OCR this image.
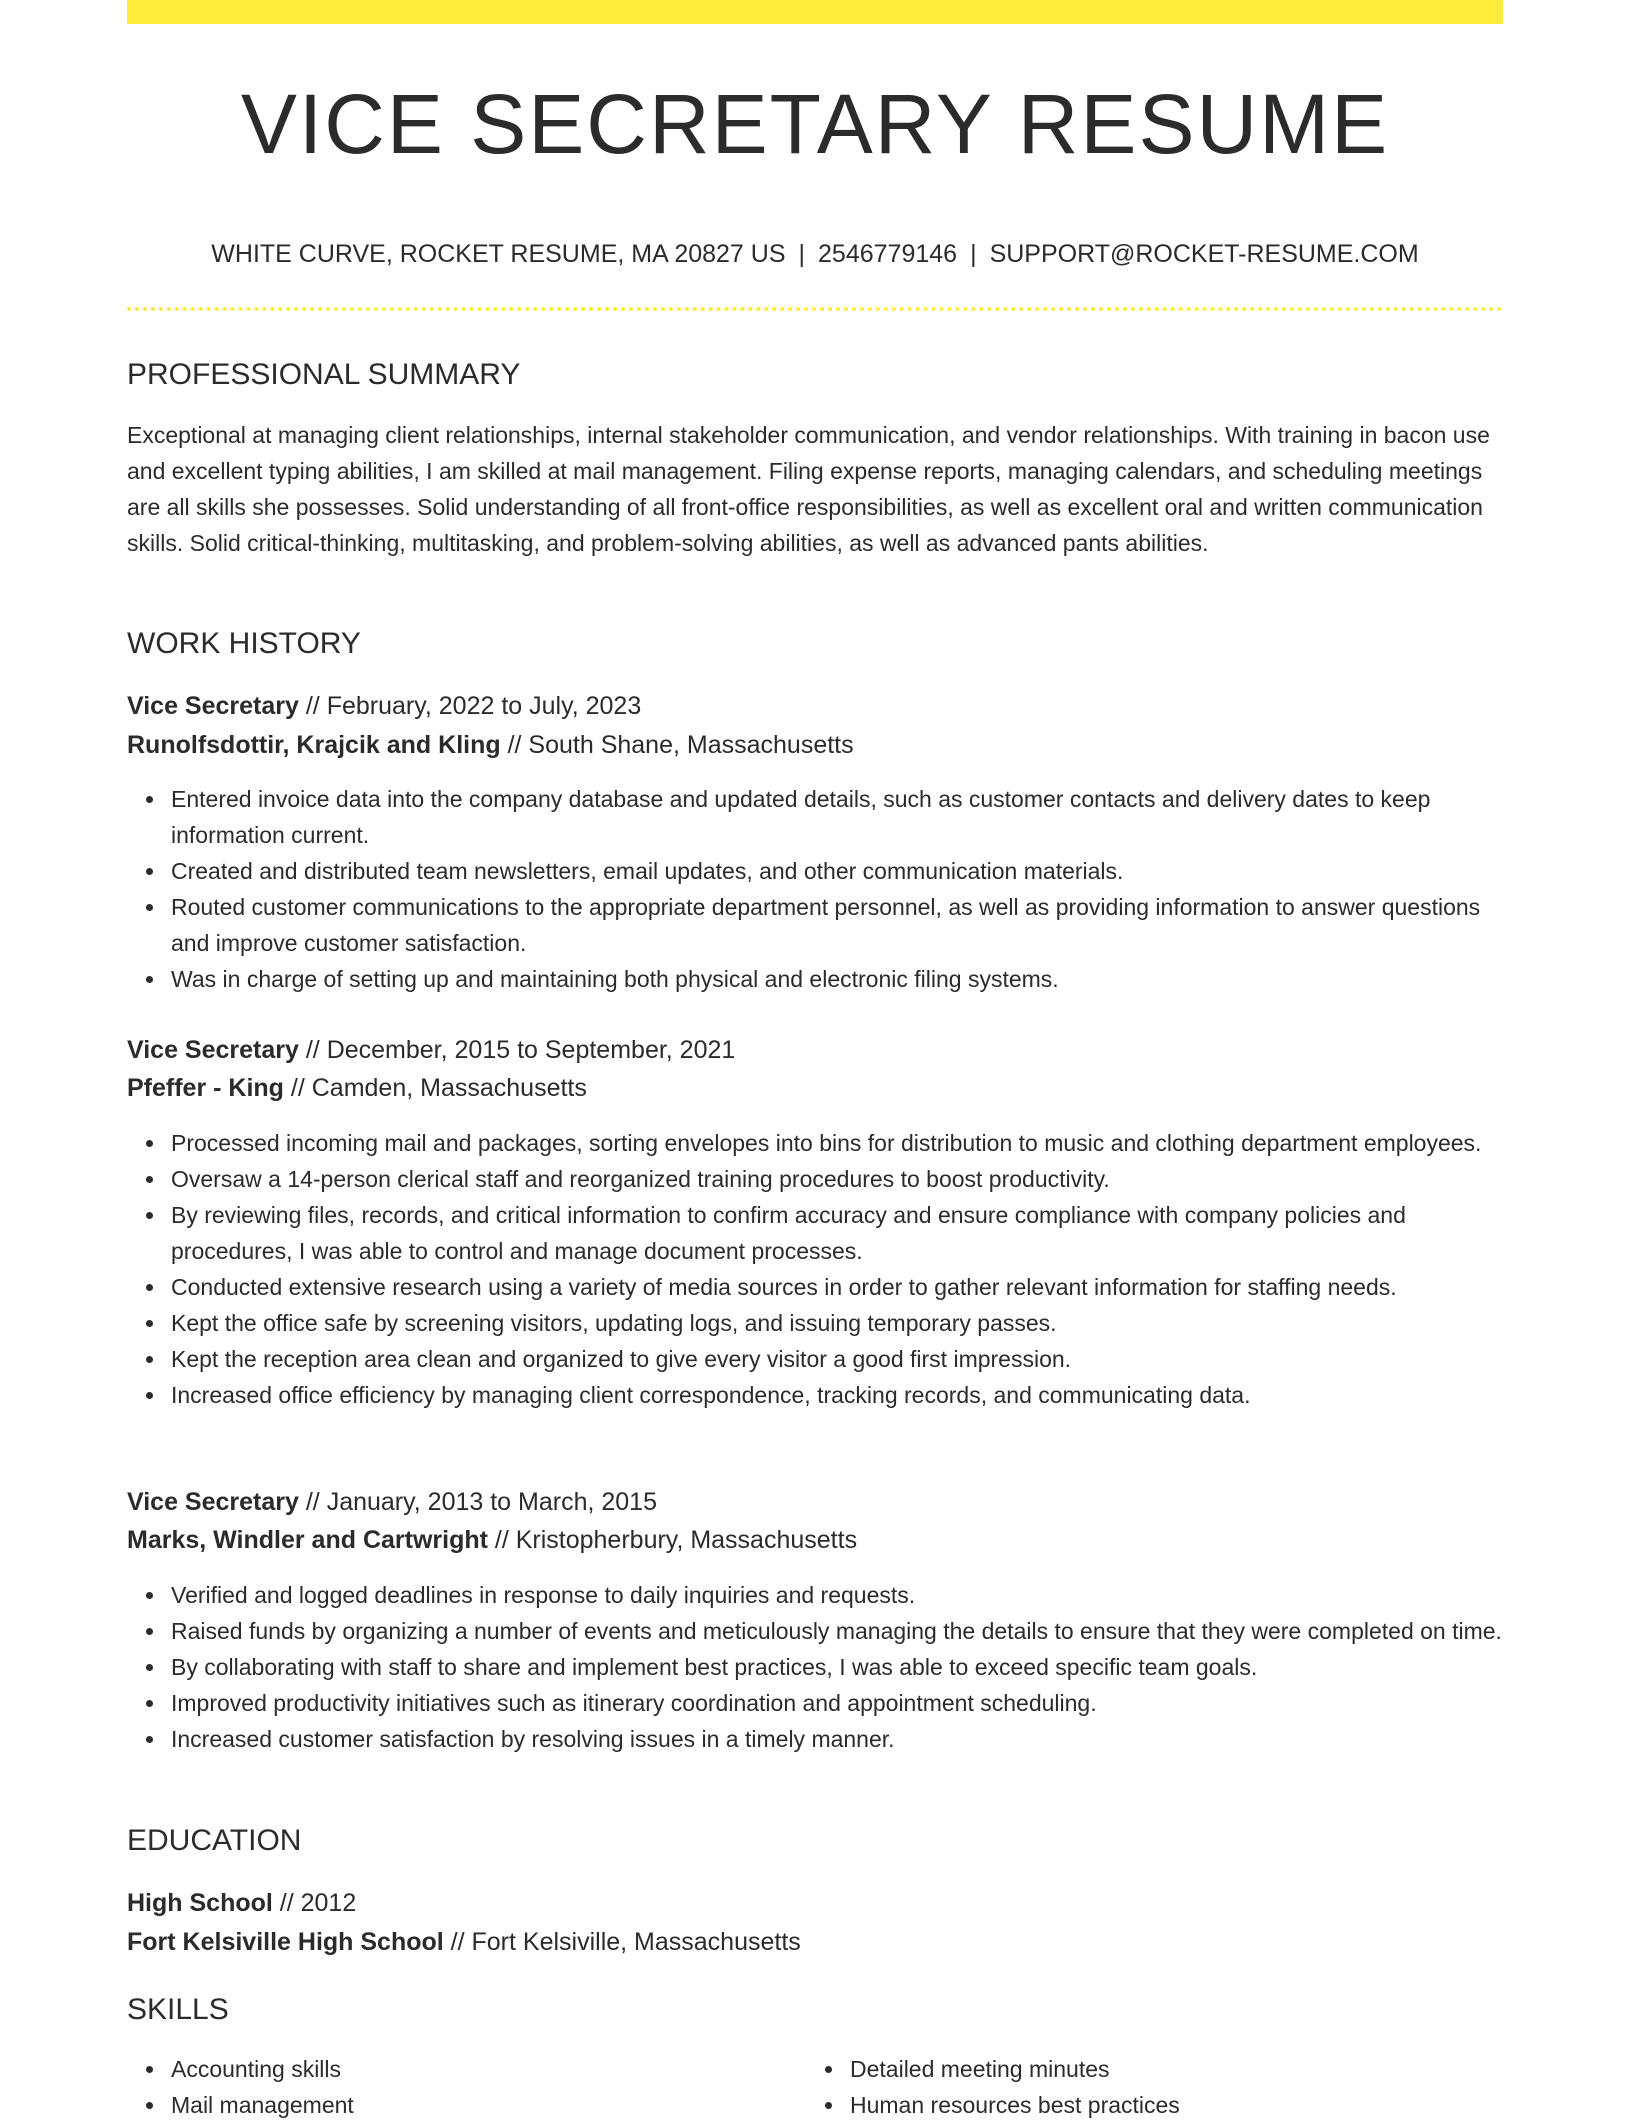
VICE SECRETARY RESUME
WHITE CURVE, ROCKET RESUME, MA 20827 US | 2546779146 | SUPPORT@ROCKET-RESUME.COM
PROFESSIONAL SUMMARY

Exceptional at managing client relationships, internal stakeholder communication, and vendor relationships. With training in bacon use and excellent typing abilities, I am skilled at mail management. Filing expense reports, managing calendars, and scheduling meetings are all skills she possesses. Solid understanding of all front-office responsibilities, as well as excellent oral and written communication skills. Solid critical-thinking, multitasking, and problem-solving abilities, as well as advanced pants abilities.

WORK HISTORY
Vice Secretary // February, 2022 to July, 2023
Runolfsdottir, Krajcik and Kling // South Shane, Massachusetts
Entered invoice data into the company database and updated details, such as customer contacts and delivery dates to keep information current.
Created and distributed team newsletters, email updates, and other communication materials.
Routed customer communications to the appropriate department personnel, as well as providing information to answer questions and improve customer satisfaction.
Was in charge of setting up and maintaining both physical and electronic filing systems.
Vice Secretary // December, 2015 to September, 2021
Pfeffer - King // Camden, Massachusetts
Processed incoming mail and packages, sorting envelopes into bins for distribution to music and clothing department employees.
Oversaw a 14-person clerical staff and reorganized training procedures to boost productivity.
By reviewing files, records, and critical information to confirm accuracy and ensure compliance with company policies and procedures, I was able to control and manage document processes.
Conducted extensive research using a variety of media sources in order to gather relevant information for staffing needs.
Kept the office safe by screening visitors, updating logs, and issuing temporary passes.
Kept the reception area clean and organized to give every visitor a good first impression.
Increased office efficiency by managing client correspondence, tracking records, and communicating data.
Vice Secretary // January, 2013 to March, 2015
Marks, Windler and Cartwright // Kristopherbury, Massachusetts
Verified and logged deadlines in response to daily inquiries and requests.
Raised funds by organizing a number of events and meticulously managing the details to ensure that they were completed on time.
By collaborating with staff to share and implement best practices, I was able to exceed specific team goals.
Improved productivity initiatives such as itinerary coordination and appointment scheduling.
Increased customer satisfaction by resolving issues in a timely manner.
EDUCATION
High School // 2012
Fort Kelsiville High School // Fort Kelsiville, Massachusetts
SKILLS
Accounting skills
Mail management
Detailed meeting minutes
Human resources best practices
